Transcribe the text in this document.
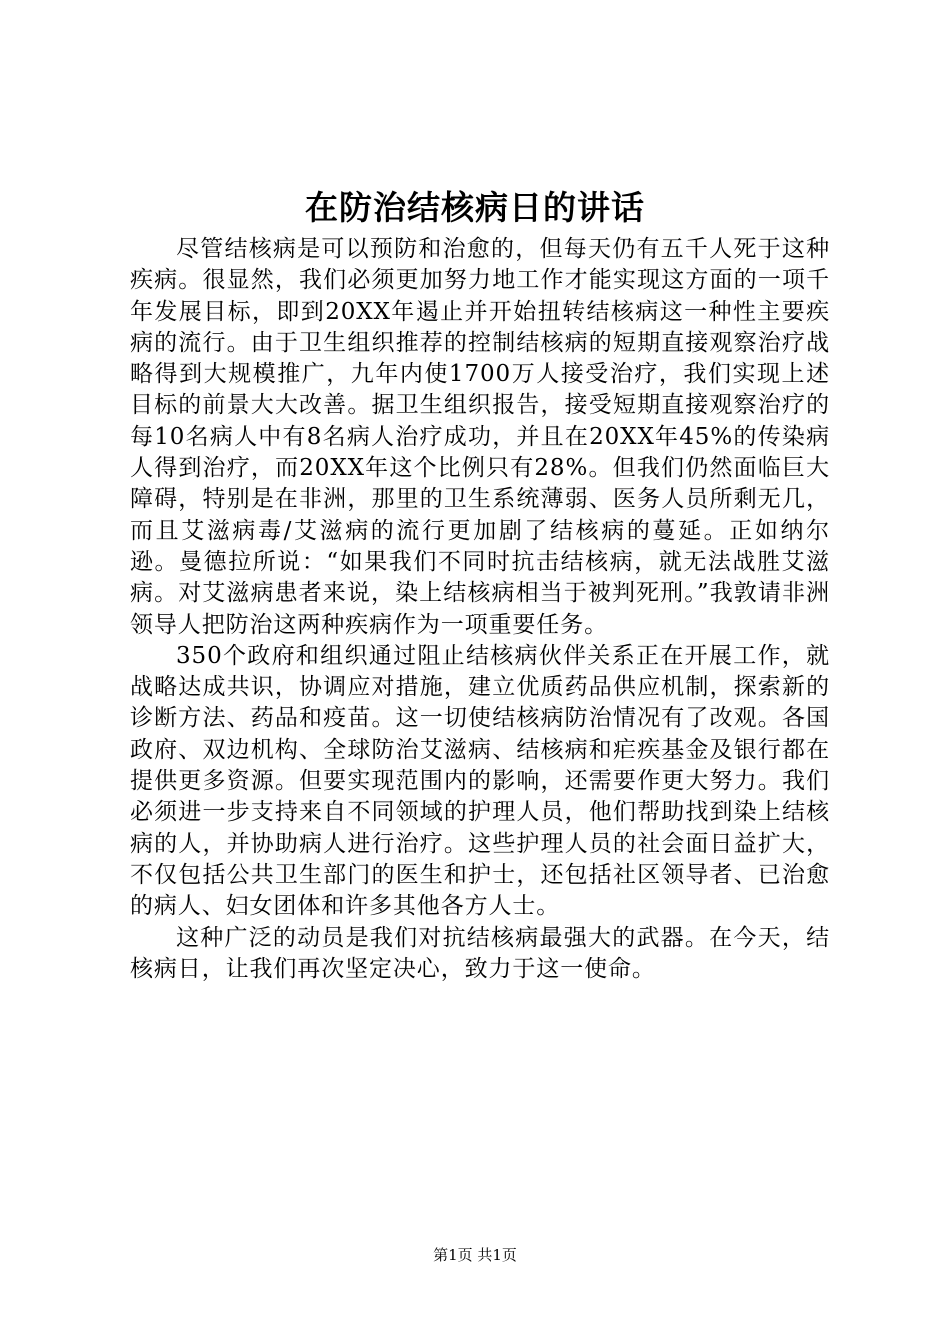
在防治结核病日的讲话

尽管结核病是可以预防和治愈的，但每天仍有五千人死于这种疾病。很显然，我们必须更加努力地工作才能实现这方面的一项千年发展目标，即到20XX年遏止并开始扭转结核病这一种性主要疾病的流行。由于卫生组织推荐的控制结核病的短期直接观察治疗战略得到大规模推广，九年内使1700万人接受治疗，我们实现上述目标的前景大大改善。据卫生组织报告，接受短期直接观察治疗的每10名病人中有8名病人治疗成功，并且在20XX年45%的传染病人得到治疗，而20XX年这个比例只有28%。但我们仍然面临巨大障碍，特别是在非洲，那里的卫生系统薄弱、医务人员所剩无几，而且艾滋病毒/艾滋病的流行更加剧了结核病的蔓延。正如纳尔逊。曼德拉所说：“如果我们不同时抗击结核病，就无法战胜艾滋病。对艾滋病患者来说，染上结核病相当于被判死刑。”我敦请非洲领导人把防治这两种疾病作为一项重要任务。

350个政府和组织通过阻止结核病伙伴关系正在开展工作，就战略达成共识，协调应对措施，建立优质药品供应机制，探索新的诊断方法、药品和疫苗。这一切使结核病防治情况有了改观。各国政府、双边机构、全球防治艾滋病、结核病和疟疾基金及银行都在提供更多资源。但要实现范围内的影响，还需要作更大努力。我们必须进一步支持来自不同领域的护理人员，他们帮助找到染上结核病的人，并协助病人进行治疗。这些护理人员的社会面日益扩大，不仅包括公共卫生部门的医生和护士，还包括社区领导者、已治愈的病人、妇女团体和许多其他各方人士。

这种广泛的动员是我们对抗结核病最强大的武器。在今天，结核病日，让我们再次坚定决心，致力于这一使命。

第1页 共1页
